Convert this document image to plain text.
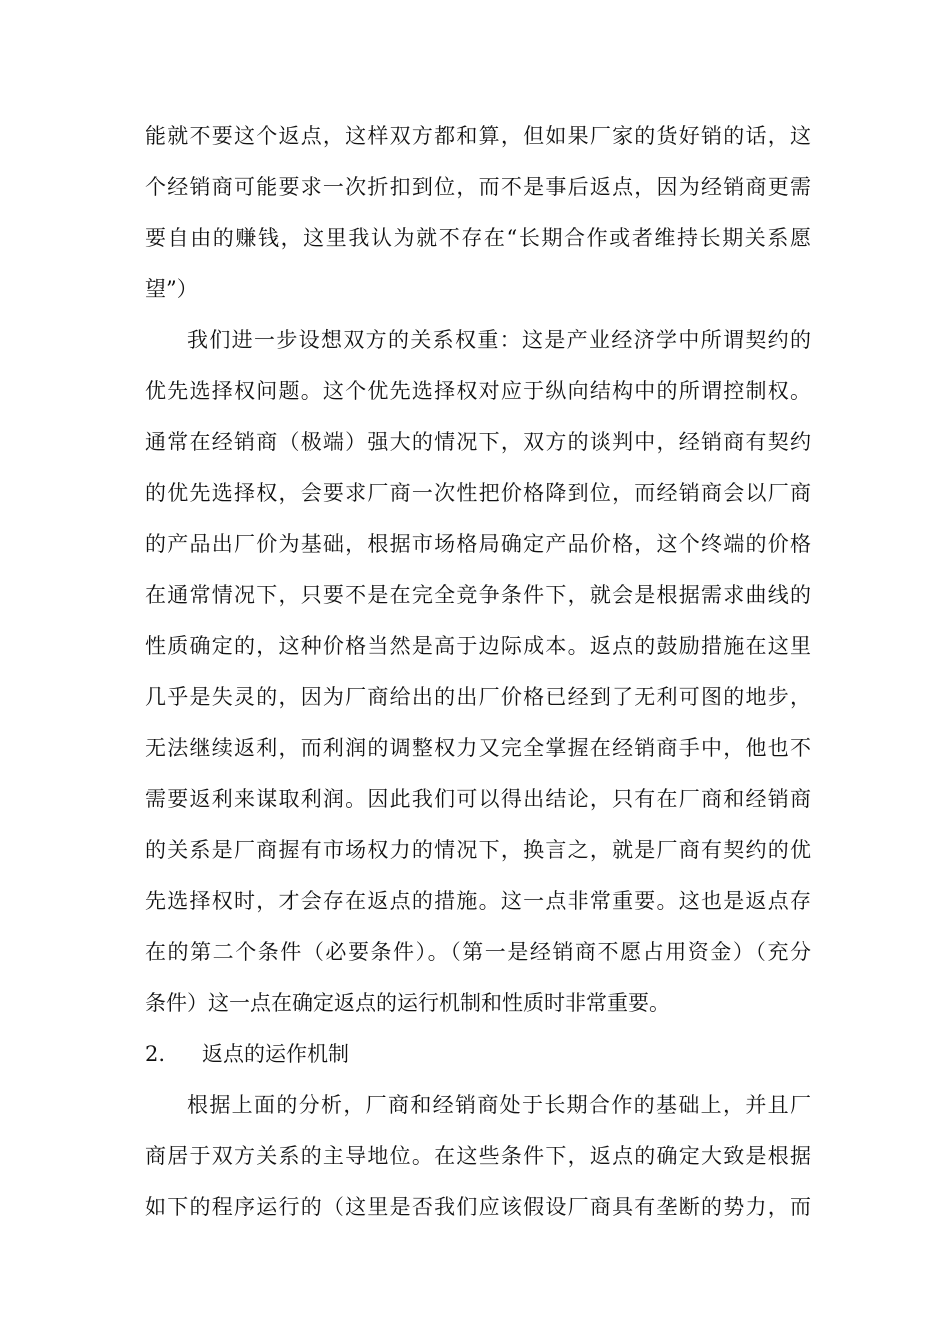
能就不要这个返点，这样双方都和算，但如果厂家的货好销的话，这
个经销商可能要求一次折扣到位，而不是事后返点，因为经销商更需
要自由的赚钱，这里我认为就不存在“长期合作或者维持长期关系愿
望”）
我们进一步设想双方的关系权重：这是产业经济学中所谓契约的
优先选择权问题。这个优先选择权对应于纵向结构中的所谓控制权。
通常在经销商（极端）强大的情况下，双方的谈判中，经销商有契约
的优先选择权，会要求厂商一次性把价格降到位，而经销商会以厂商
的产品出厂价为基础，根据市场格局确定产品价格，这个终端的价格
在通常情况下，只要不是在完全竞争条件下，就会是根据需求曲线的
性质确定的，这种价格当然是高于边际成本。返点的鼓励措施在这里
几乎是失灵的，因为厂商给出的出厂价格已经到了无利可图的地步，
无法继续返利，而利润的调整权力又完全掌握在经销商手中，他也不
需要返利来谋取利润。因此我们可以得出结论，只有在厂商和经销商
的关系是厂商握有市场权力的情况下，换言之，就是厂商有契约的优
先选择权时，才会存在返点的措施。这一点非常重要。这也是返点存
在的第二个条件（必要条件）。（第一是经销商不愿占用资金）（充分
条件）这一点在确定返点的运行机制和性质时非常重要。
2. 返点的运作机制
根据上面的分析，厂商和经销商处于长期合作的基础上，并且厂
商居于双方关系的主导地位。在这些条件下，返点的确定大致是根据
如下的程序运行的（这里是否我们应该假设厂商具有垄断的势力，而
